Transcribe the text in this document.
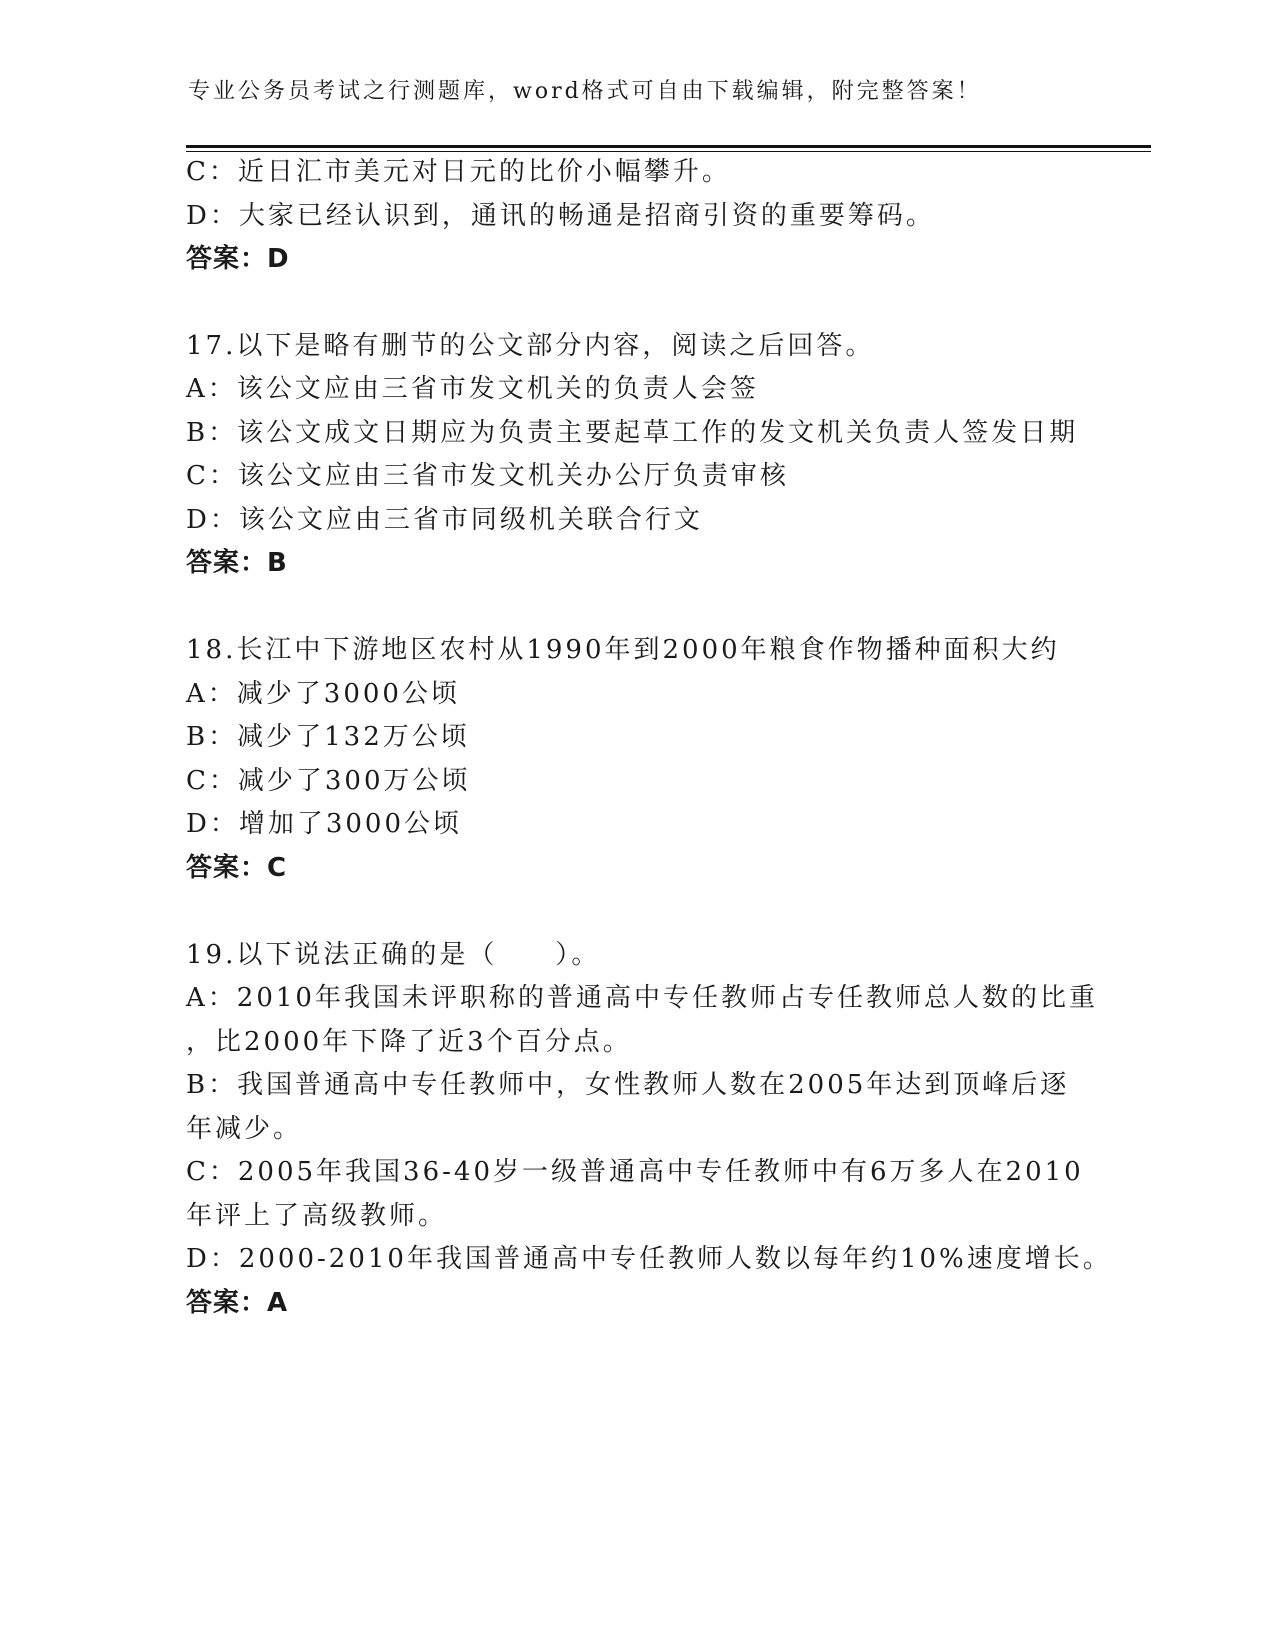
专业公务员考试之行测题库，word格式可自由下载编辑，附完整答案！
C：近日汇市美元对日元的比价小幅攀升。
D：大家已经认识到，通讯的畅通是招商引资的重要筹码。
答案：D
17.以下是略有删节的公文部分内容，阅读之后回答。
A：该公文应由三省市发文机关的负责人会签
B：该公文成文日期应为负责主要起草工作的发文机关负责人签发日期
C：该公文应由三省市发文机关办公厅负责审核
D：该公文应由三省市同级机关联合行文
答案：B
18.长江中下游地区农村从1990年到2000年粮食作物播种面积大约
A：减少了3000公顷
B：减少了132万公顷
C：减少了300万公顷
D：增加了3000公顷
答案：C
19.以下说法正确的是（　　）。
A：2010年我国未评职称的普通高中专任教师占专任教师总人数的比重
，比2000年下降了近3个百分点。
B：我国普通高中专任教师中，女性教师人数在2005年达到顶峰后逐
年减少。
C：2005年我国36-40岁一级普通高中专任教师中有6万多人在2010
年评上了高级教师。
D：2000-2010年我国普通高中专任教师人数以每年约10%速度增长。
答案：A
